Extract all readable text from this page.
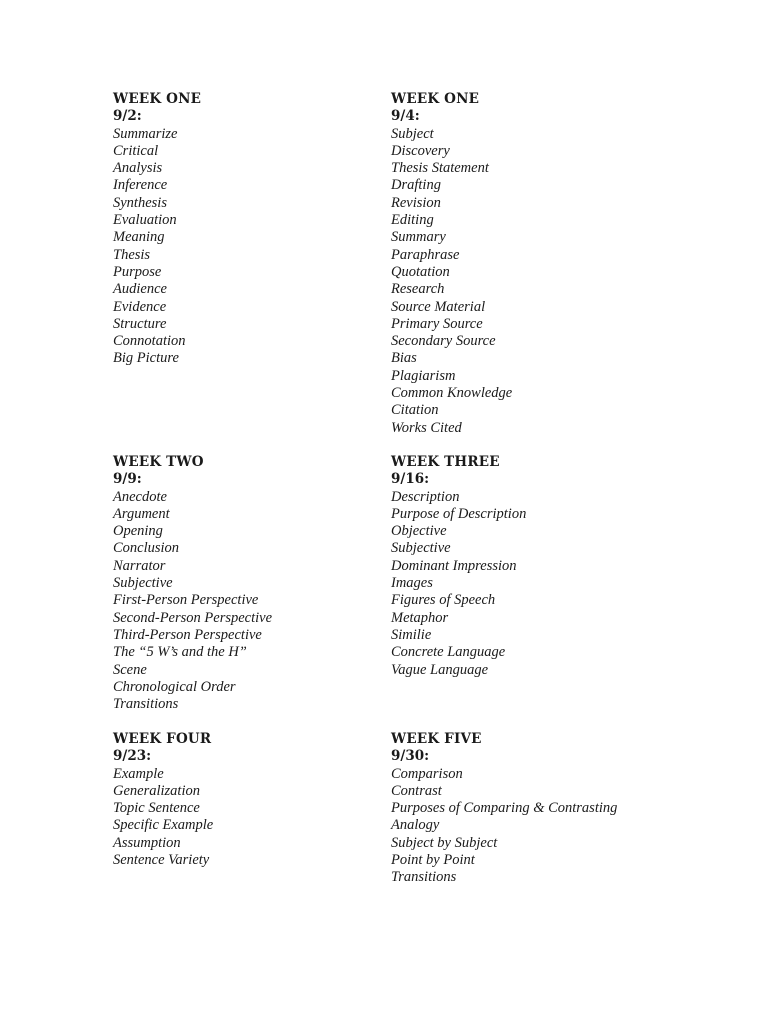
WEEK ONE
9/2:
Summarize
Critical
Analysis
Inference
Synthesis
Evaluation
Meaning
Thesis
Purpose
Audience
Evidence
Structure
Connotation
Big Picture
WEEK ONE
9/4:
Subject
Discovery
Thesis Statement
Drafting
Revision
Editing
Summary
Paraphrase
Quotation
Research
Source Material
Primary Source
Secondary Source
Bias
Plagiarism
Common Knowledge
Citation
Works Cited
WEEK TWO
9/9:
Anecdote
Argument
Opening
Conclusion
Narrator
Subjective
First-Person Perspective
Second-Person Perspective
Third-Person Perspective
The “5 W’s and the H”
Scene
Chronological Order
Transitions
WEEK THREE
9/16:
Description
Purpose of Description
Objective
Subjective
Dominant Impression
Images
Figures of Speech
Metaphor
Similie
Concrete Language
Vague Language
WEEK FOUR
9/23:
Example
Generalization
Topic Sentence
Specific Example
Assumption
Sentence Variety
WEEK FIVE
9/30:
Comparison
Contrast
Purposes of Comparing & Contrasting
Analogy
Subject by Subject
Point by Point
Transitions
